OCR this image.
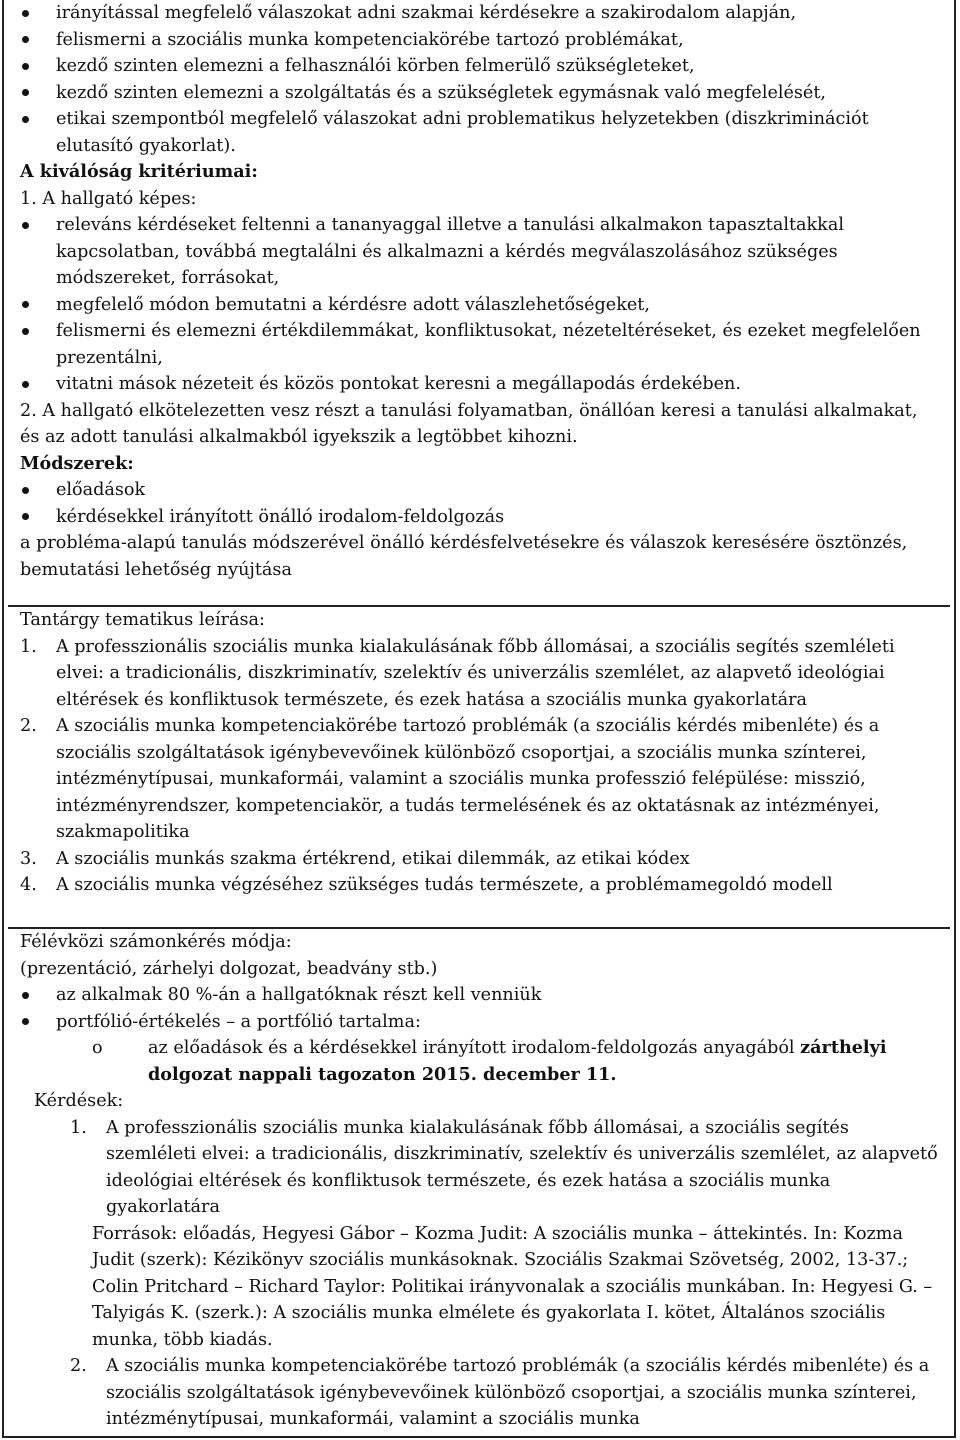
irányítással megfelelő válaszokat adni szakmai kérdésekre a szakirodalom alapján,
felismerni a szociális munka kompetenciakörébe tartozó problémákat,
kezdő szinten elemezni a felhasználói körben felmerülő szükségleteket,
kezdő szinten elemezni a szolgáltatás és a szükségletek egymásnak való megfelelését,
etikai szempontból megfelelő válaszokat adni problematikus helyzetekben (diszkriminációt elutasító gyakorlat).
A kiválóság kritériumai:
1. A hallgató képes:
releváns kérdéseket feltenni a tananyaggal illetve a tanulási alkalmakon tapasztaltakkal kapcsolatban, továbbá megtalálni és alkalmazni a kérdés megválaszolásához szükséges módszereket, forrásokat,
megfelelő módon bemutatni a kérdésre adott válaszlehetőségeket,
felismerni és elemezni értékdilemmákat, konfliktusokat, nézeteltéréseket, és ezeket megfelelően prezentálni,
vitatni mások nézeteit és közös pontokat keresni a megállapodás érdekében.
2. A hallgató elkötelezetten vesz részt a tanulási folyamatban, önállóan keresi a tanulási alkalmakat, és az adott tanulási alkalmakból igyekszik a legtöbbet kihozni.
Módszerek:
előadások
kérdésekkel irányított önálló irodalom-feldolgozás
a probléma-alapú tanulás módszerével önálló kérdésfelvetésekre és válaszok keresésére ösztönzés, bemutatási lehetőség nyújtása
Tantárgy tematikus leírása:
1.	A professzionális szociális munka kialakulásának főbb állomásai, a szociális segítés szemléleti elvei: a tradicionális, diszkriminatív, szelektív és univerzális szemlélet, az alapvető ideológiai eltérések és konfliktusok természete, és ezek hatása a szociális munka gyakorlatára
2.	A szociális munka kompetenciakörébe tartozó problémák (a szociális kérdés mibenléte) és a szociális szolgáltatások igénybevevőinek különböző csoportjai, a szociális munka színterei, intézménytípusai, munkaformái, valamint a szociális munka professzió felépülése: misszió, intézményrendszer, kompetenciakör, a tudás termelésének és az oktatásnak az intézményei, szakmapolitika
3.	A szociális munkás szakma értékrend, etikai dilemmák, az etikai kódex
4.	A szociális munka végzéséhez szükséges tudás természete, a problémamegoldó modell
Félévközi számonkérés módja:
(prezentáció, zárhelyi dolgozat, beadvány stb.)
az alkalmak 80 %-án a hallgatóknak részt kell venniük
portfólió-értékelés – a portfólió tartalma:
o	az előadások és a kérdésekkel irányított irodalom-feldolgozás anyagából zárthelyi dolgozat nappali tagozaton 2015. december 11.
Kérdések:
1.	A professzionális szociális munka kialakulásának főbb állomásai, a szociális segítés szemléleti elvei: a tradicionális, diszkriminatív, szelektív és univerzális szemlélet, az alapvető ideológiai eltérések és konfliktusok természete, és ezek hatása a szociális munka gyakorlatára
Források: előadás, Hegyesi Gábor – Kozma Judit: A szociális munka – áttekintés. In: Kozma Judit (szerk): Kézikönyv szociális munkásoknak. Szociális Szakmai Szövetség, 2002, 13-37.; Colin Pritchard – Richard Taylor: Politikai irányvonalak a szociális munkában. In: Hegyesi G. – Talyigás K. (szerk.): A szociális munka elmélete és gyakorlata I. kötet, Általános szociális munka, több kiadás.
2.	A szociális munka kompetenciakörébe tartozó problémák (a szociális kérdés mibenléte) és a szociális szolgáltatások igénybevevőinek különböző csoportjai, a szociális munka színterei, intézménytípusai, munkaformái, valamint a szociális munka
